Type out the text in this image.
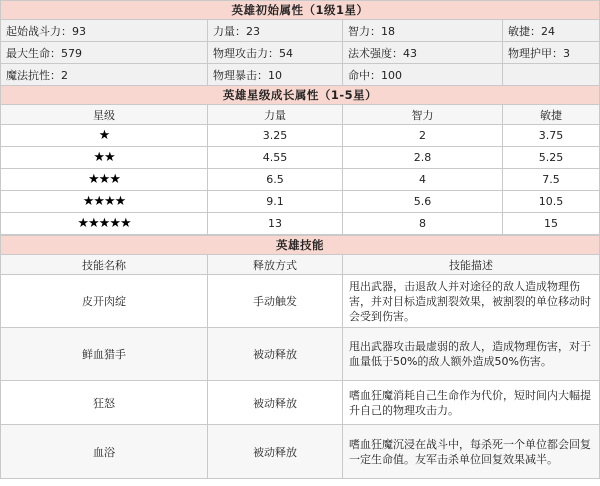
英雄初始属性（1级1星）			
起始战斗力：93	力量：23	智力：18	敏捷：24
最大生命：579	物理攻击力：54	法术强度：43	物理护甲：3
魔法抗性：2	物理暴击：10	命中：100	
英雄星级成长属性（1-5星）			
星级	力量	智力	敏捷
★	3.25	2	3.75
★★	4.55	2.8	5.25
★★★	6.5	4	7.5
★★★★	9.1	5.6	10.5
★★★★★	13	8	15
英雄技能		
技能名称	释放方式	技能描述
皮开肉绽	手动触发	甩出武器，击退敌人并对途径的敌人造成物理伤害，并对目标造成割裂效果，被割裂的单位移动时会受到伤害。
鲜血猎手	被动释放	甩出武器攻击最虚弱的敌人，造成物理伤害，对于血量低于50%的敌人额外造成50%伤害。
狂怒	被动释放	嗜血狂魔消耗自己生命作为代价，短时间内大幅提升自己的物理攻击力。
血浴	被动释放	嗜血狂魔沉浸在战斗中，每杀死一个单位都会回复一定生命值。友军击杀单位回复效果减半。
